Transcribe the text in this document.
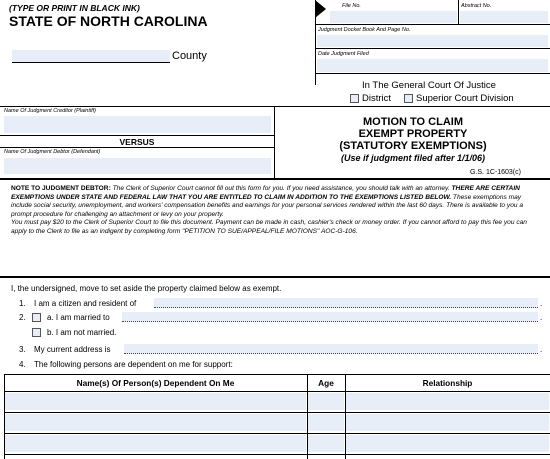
(TYPE OR PRINT IN BLACK INK)
STATE OF NORTH CAROLINA
County
File No.	Abstract No.
Judgment Docket Book And Page No.
Date Judgment Filed
In The General Court Of Justice
District	Superior Court Division
Name Of Judgment Creditor (Plaintiff)
VERSUS
Name Of Judgment Debtor (Defendant)
MOTION TO CLAIM
EXEMPT PROPERTY
(STATUTORY EXEMPTIONS)
(Use if judgment filed after 1/1/06)
G.S. 1C-1603(c)
NOTE TO JUDGMENT DEBTOR: The Clerk of Superior Court cannot fill out this form for you. If you need assistance, you should talk with an attorney. THERE ARE CERTAIN EXEMPTIONS UNDER STATE AND FEDERAL LAW THAT YOU ARE ENTITLED TO CLAIM IN ADDITION TO THE EXEMPTIONS LISTED BELOW. These exemptions may include social security, unemployment, and workers' compensation benefits and earnings for your personal services rendered within the last 60 days. There is available to you a prompt procedure for challenging an attachment or levy on your property.
You must pay $20 to the Clerk of Superior Court to file this document. Payment can be made in cash, cashier's check or money order. If you cannot afford to pay this fee you can apply to the Clerk to file as an indigent by completing form "PETITION TO SUE/APPEAL/FILE MOTIONS" AOC-G-106.
I, the undersigned, move to set aside the property claimed below as exempt.
1. I am a citizen and resident of	.
2.	a. I am married to	.
b. I am not married.
3. My current address is	.
4. The following persons are dependent on me for support:
Name(s) Of Person(s) Dependent On Me	Age	Relationship
